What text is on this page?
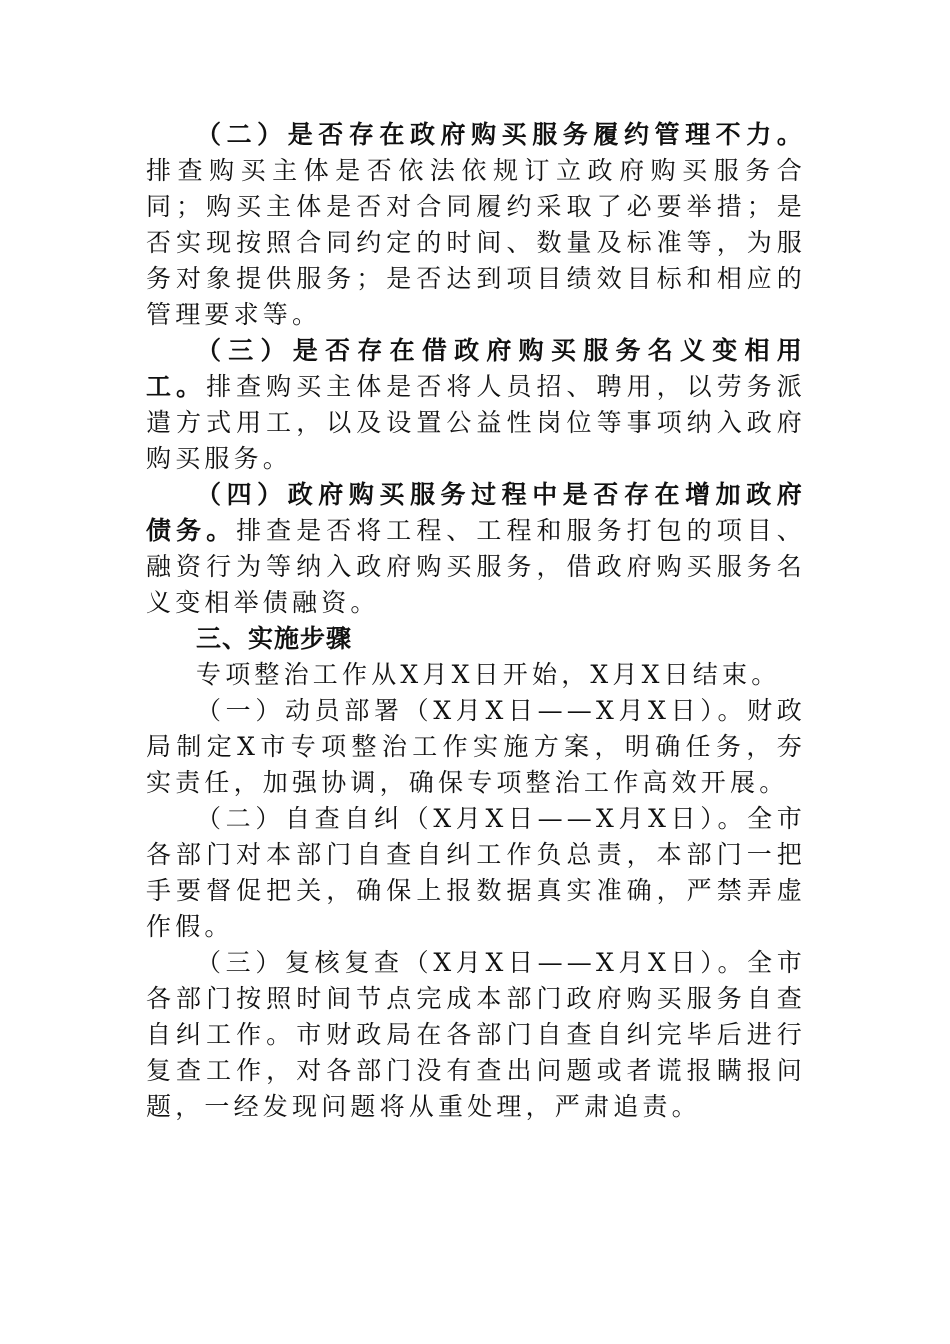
（二）是否存在政府购买服务履约管理不力。排查购买主体是否依法依规订立政府购买服务合同；购买主体是否对合同履约采取了必要举措；是否实现按照合同约定的时间、数量及标准等，为服务对象提供服务；是否达到项目绩效目标和相应的管理要求等。

（三）是否存在借政府购买服务名义变相用工。排查购买主体是否将人员招、聘用，以劳务派遣方式用工，以及设置公益性岗位等事项纳入政府购买服务。

（四）政府购买服务过程中是否存在增加政府债务。排查是否将工程、工程和服务打包的项目、融资行为等纳入政府购买服务，借政府购买服务名义变相举债融资。

三、实施步骤

专项整治工作从X月X日开始，X月X日结束。

（一）动员部署（X月X日——X月X日）。财政局制定X市专项整治工作实施方案，明确任务，夯实责任，加强协调，确保专项整治工作高效开展。

（二）自查自纠（X月X日——X月X日）。全市各部门对本部门自查自纠工作负总责，本部门一把手要督促把关，确保上报数据真实准确，严禁弄虚作假。

（三）复核复查（X月X日——X月X日）。全市各部门按照时间节点完成本部门政府购买服务自查自纠工作。市财政局在各部门自查自纠完毕后进行复查工作，对各部门没有查出问题或者谎报瞒报问题，一经发现问题将从重处理，严肃追责。
